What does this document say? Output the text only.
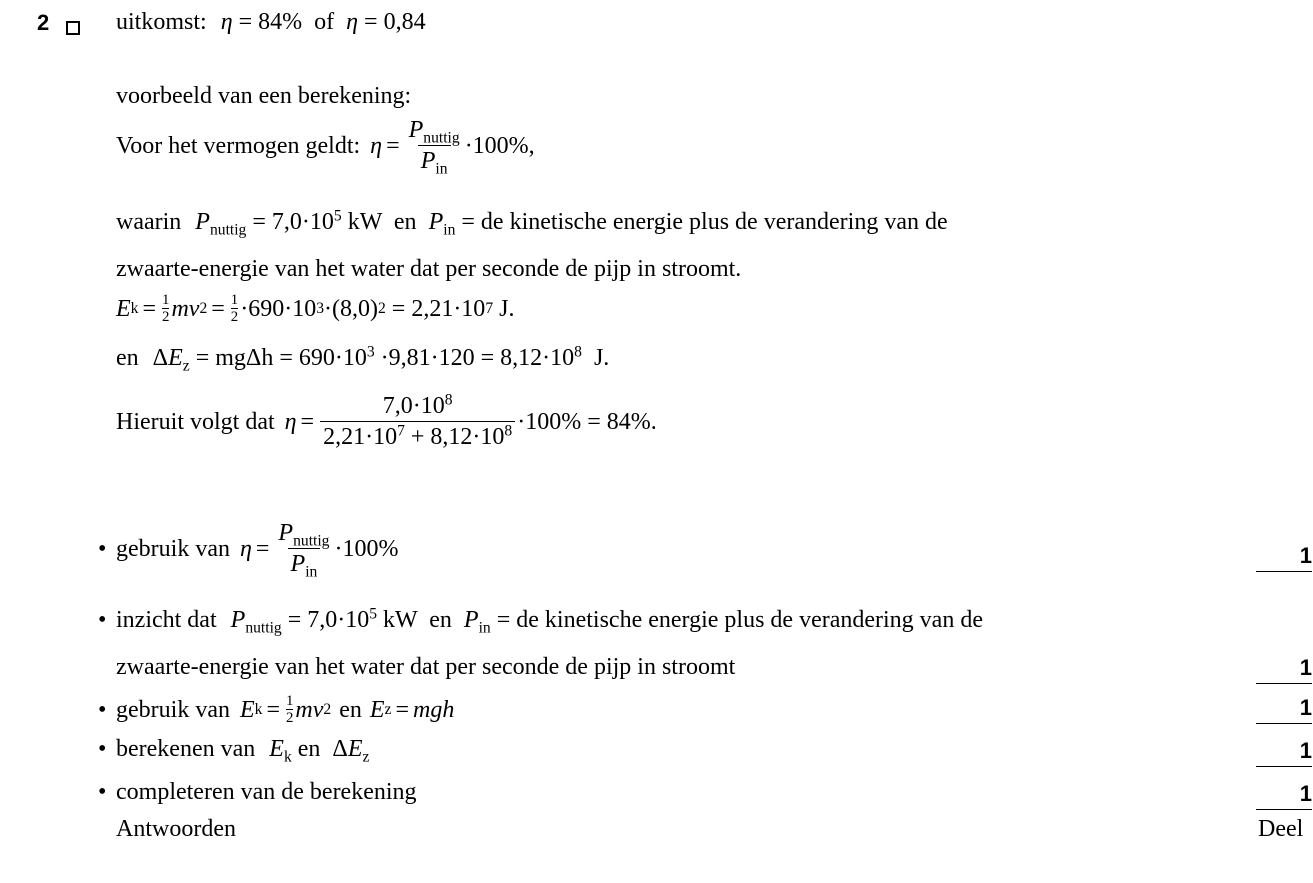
2	uitkomst: η = 84% of η = 0,84
voorbeeld van een berekening:
Voor het vermogen geldt: $\eta = \frac{P_{nuttig}}{P_{in}} \cdot 100\%$,
waarin $P_{nuttig} = 7,0\cdot 10^5$ kW en $P_{in}$ = de kinetische energie plus de verandering van de
zwaarte-energie van het water dat per seconde de pijp in stroomt.
E $k = \frac{1}{2}$ mv $2 = \frac{1}{2} \cdot 690\cdot 10$ 3 ·(8,0) 2 = 2,21·10 7 J.
en $\Delta E_z = mg\Delta h = 690\cdot 10^3 \cdot 9,81\cdot 120 = 8,12\cdot 10^8$ J.
Hieruit volgt dat $\eta = \frac{7,0\cdot 10^8}{2,21\cdot 10^7 + 8,12\cdot 10^8} \cdot 100\% = 84\%$.
• gebruik van $\eta = \frac{P_{nuttig}}{P_{in}} \cdot 100\%$	1
• inzicht dat $P_{nuttig} = 7,0\cdot 10^5$ kW en $P_{in}$ = de kinetische energie plus de verandering van de
zwaarte-energie van het water dat per seconde de pijp in stroomt	1
• gebruik van E $k = \frac{1}{2}$ mv 2 en E z = mgh	1
• berekenen van $E_k$ en $\Delta E_z$	1
• completeren van de berekening	1
Antwoorden	Deel
